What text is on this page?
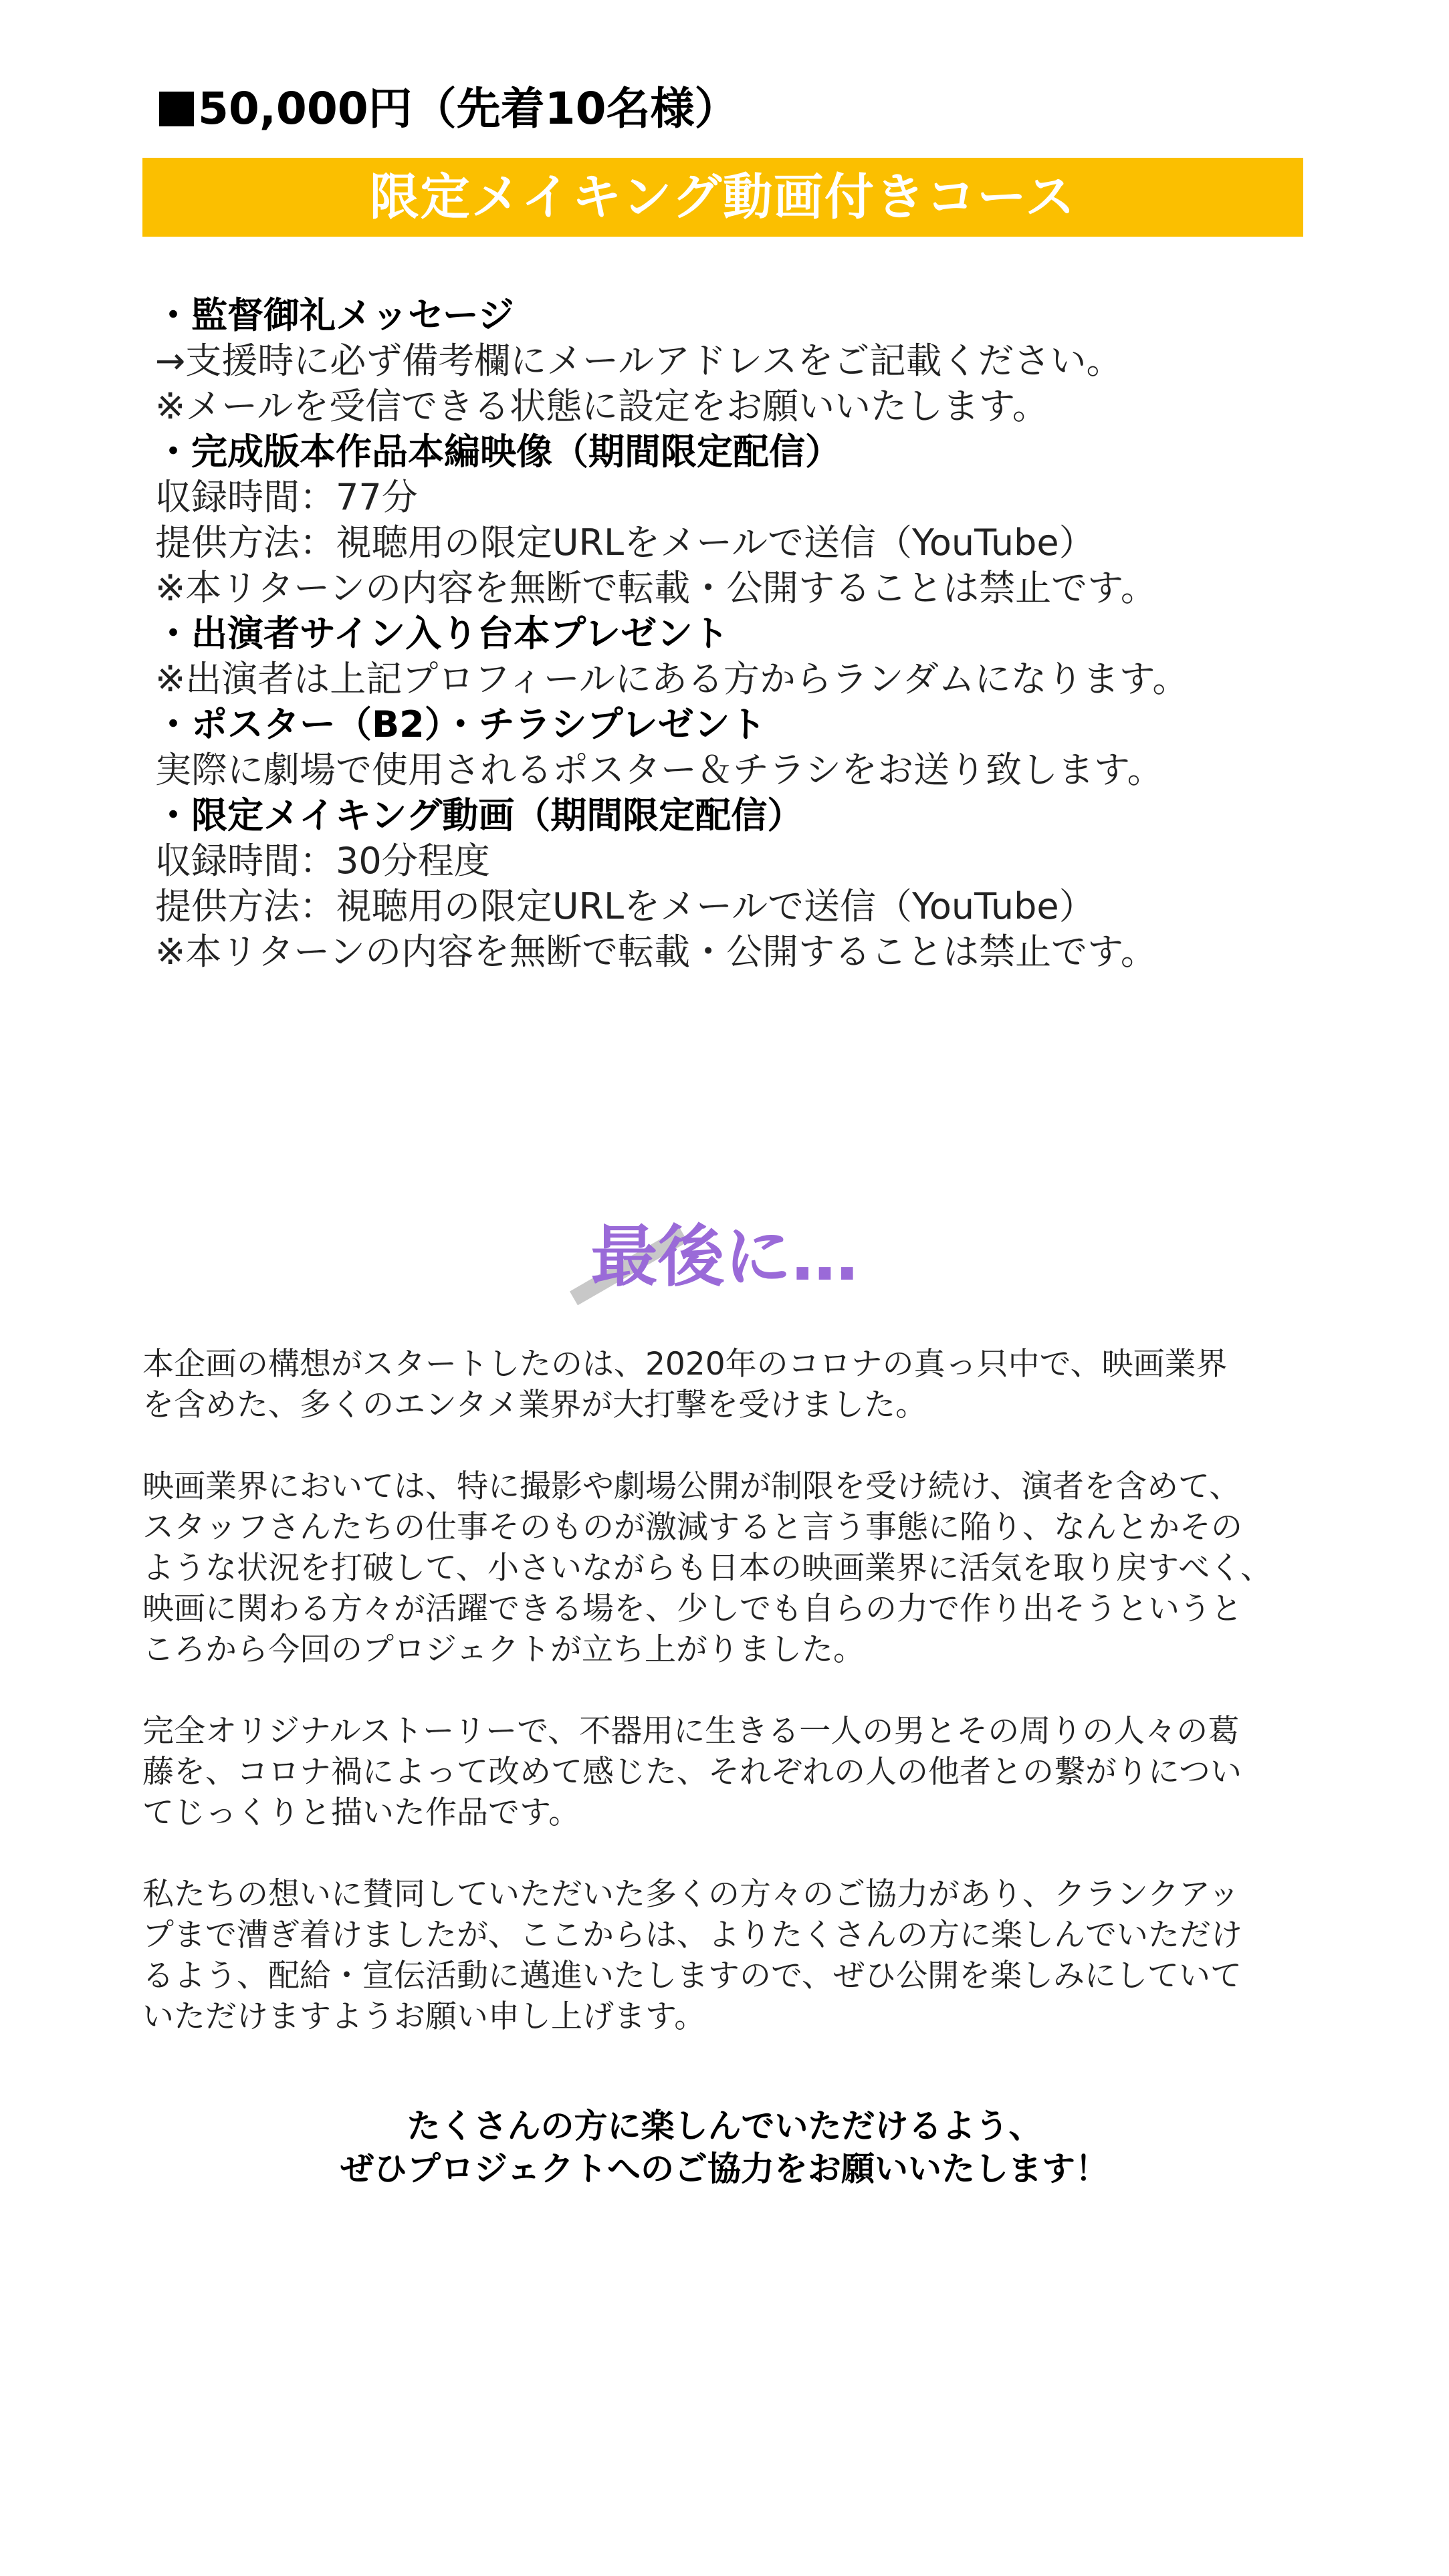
50,000円（先着10名様）
限定メイキング動画付きコース
・監督御礼メッセージ
→支援時に必ず備考欄にメールアドレスをご記載ください。
※メールを受信できる状態に設定をお願いいたします。
・完成版本作品本編映像（期間限定配信）
収録時間：77分
提供方法：視聴用の限定URLをメールで送信（YouTube）
※本リターンの内容を無断で転載・公開することは禁止です。
・出演者サイン入り台本プレゼント
※出演者は上記プロフィールにある方からランダムになります。
・ポスター（B2）・チラシプレゼント
実際に劇場で使用されるポスター＆チラシをお送り致します。
・限定メイキング動画（期間限定配信）
収録時間：30分程度
提供方法：視聴用の限定URLをメールで送信（YouTube）
※本リターンの内容を無断で転載・公開することは禁止です。
最後に…

本企画の構想がスタートしたのは、2020年のコロナの真っ只中で、映画業界
を含めた、多くのエンタメ業界が大打撃を受けました。

映画業界においては、特に撮影や劇場公開が制限を受け続け、演者を含めて、
スタッフさんたちの仕事そのものが激減すると言う事態に陥り、なんとかその
ような状況を打破して、小さいながらも日本の映画業界に活気を取り戻すべく、
映画に関わる方々が活躍できる場を、少しでも自らの力で作り出そうというと
ころから今回のプロジェクトが立ち上がりました。

完全オリジナルストーリーで、不器用に生きる一人の男とその周りの人々の葛
藤を、コロナ禍によって改めて感じた、それぞれの人の他者との繋がりについ
てじっくりと描いた作品です。

私たちの想いに賛同していただいた多くの方々のご協力があり、クランクアッ
プまで漕ぎ着けましたが、ここからは、よりたくさんの方に楽しんでいただけ
るよう、配給・宣伝活動に邁進いたしますので、ぜひ公開を楽しみにしていて
いただけますようお願い申し上げます。

たくさんの方に楽しんでいただけるよう、
ぜひプロジェクトへのご協力をお願いいたします！
